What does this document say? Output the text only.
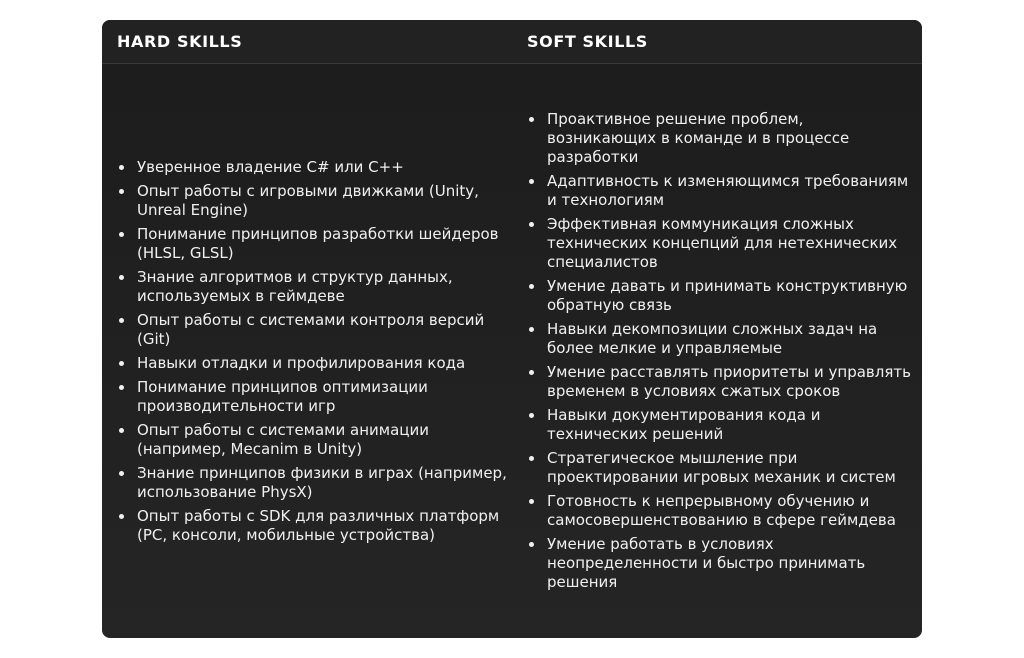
HARD SKILLS	SOFT SKILLS
Уверенное владение C# или C++
Опыт работы с игровыми движками (Unity, Unreal Engine)
Понимание принципов разработки шейдеров (HLSL, GLSL)
Знание алгоритмов и структур данных, используемых в геймдеве
Опыт работы с системами контроля версий (Git)
Навыки отладки и профилирования кода
Понимание принципов оптимизации производительности игр
Опыт работы с системами анимации (например, Mecanim в Unity)
Знание принципов физики в играх (например, использование PhysX)
Опыт работы с SDK для различных платформ (PC, консоли, мобильные устройства)
Проактивное решение проблем, возникающих в команде и в процессе разработки
Адаптивность к изменяющимся требованиям и технологиям
Эффективная коммуникация сложных технических концепций для нетехнических специалистов
Умение давать и принимать конструктивную обратную связь
Навыки декомпозиции сложных задач на более мелкие и управляемые
Умение расставлять приоритеты и управлять временем в условиях сжатых сроков
Навыки документирования кода и технических решений
Стратегическое мышление при проектировании игровых механик и систем
Готовность к непрерывному обучению и самосовершенствованию в сфере геймдева
Умение работать в условиях неопределенности и быстро принимать решения
